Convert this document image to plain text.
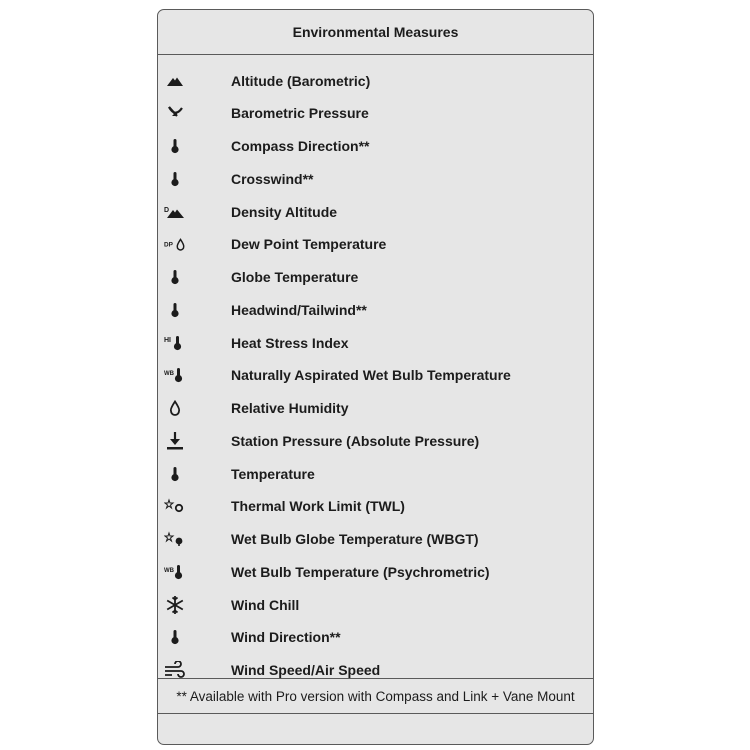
Environmental Measures
Altitude (Barometric)
Barometric Pressure
Compass Direction**
Crosswind**
D	Density Altitude
DP	Dew Point Temperature
Globe Temperature
Headwind/Tailwind**
HI	Heat Stress Index
WB	Naturally Aspirated Wet Bulb Temperature
Relative Humidity
Station Pressure (Absolute Pressure)
Temperature
Thermal Work Limit (TWL)
Wet Bulb Globe Temperature (WBGT)
WB	Wet Bulb Temperature (Psychrometric)
Wind Chill
Wind Direction**
Wind Speed/Air Speed
** Available with Pro version with Compass and Link + Vane Mount
